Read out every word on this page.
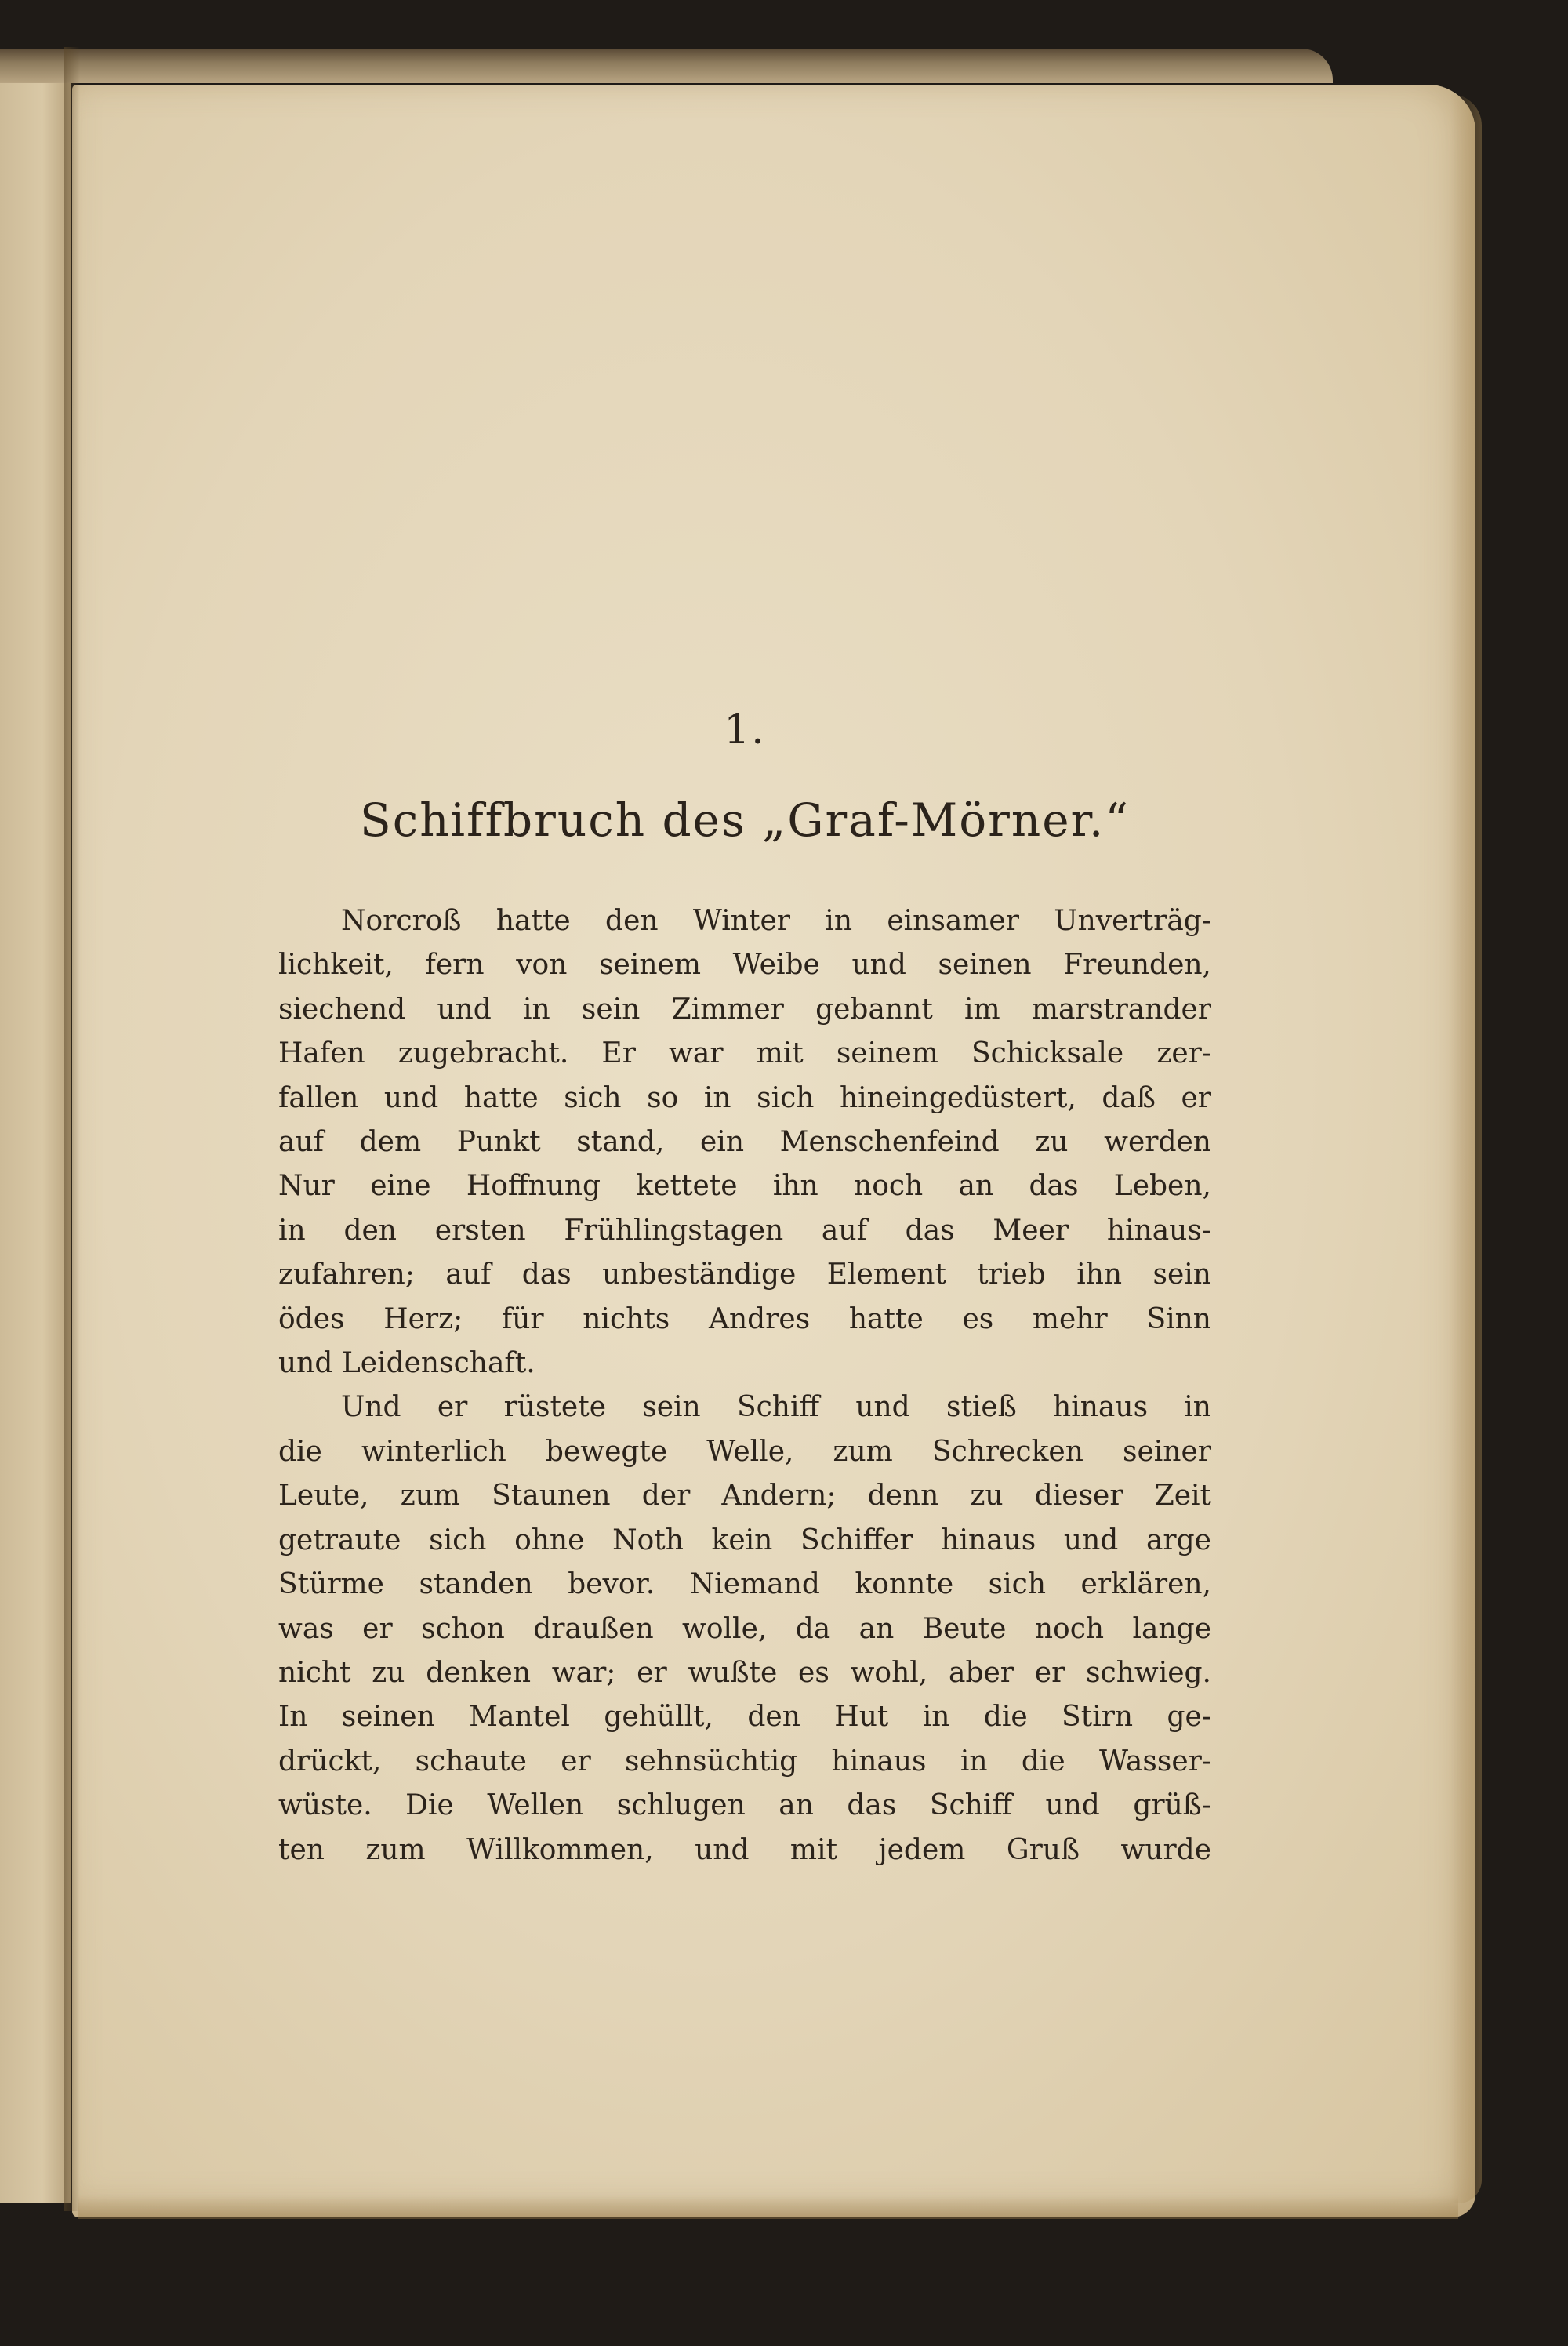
1.
Schiffbruch des „Graf-Mörner.“

Norcroß hatte den Winter in einsamer Unverträg-
lichkeit, fern von seinem Weibe und seinen Freunden,
siechend und in sein Zimmer gebannt im marstrander
Hafen zugebracht. Er war mit seinem Schicksale zer-
fallen und hatte sich so in sich hineingedüstert, daß er
auf dem Punkt stand, ein Menschenfeind zu werden
Nur eine Hoffnung kettete ihn noch an das Leben,
in den ersten Frühlingstagen auf das Meer hinaus-
zufahren; auf das unbeständige Element trieb ihn sein
ödes Herz; für nichts Andres hatte es mehr Sinn
und Leidenschaft.

Und er rüstete sein Schiff und stieß hinaus in
die winterlich bewegte Welle, zum Schrecken seiner
Leute, zum Staunen der Andern; denn zu dieser Zeit
getraute sich ohne Noth kein Schiffer hinaus und arge
Stürme standen bevor. Niemand konnte sich erklären,
was er schon draußen wolle, da an Beute noch lange
nicht zu denken war; er wußte es wohl, aber er schwieg.
In seinen Mantel gehüllt, den Hut in die Stirn ge-
drückt, schaute er sehnsüchtig hinaus in die Wasser-
wüste. Die Wellen schlugen an das Schiff und grüß-
ten zum Willkommen, und mit jedem Gruß wurde
